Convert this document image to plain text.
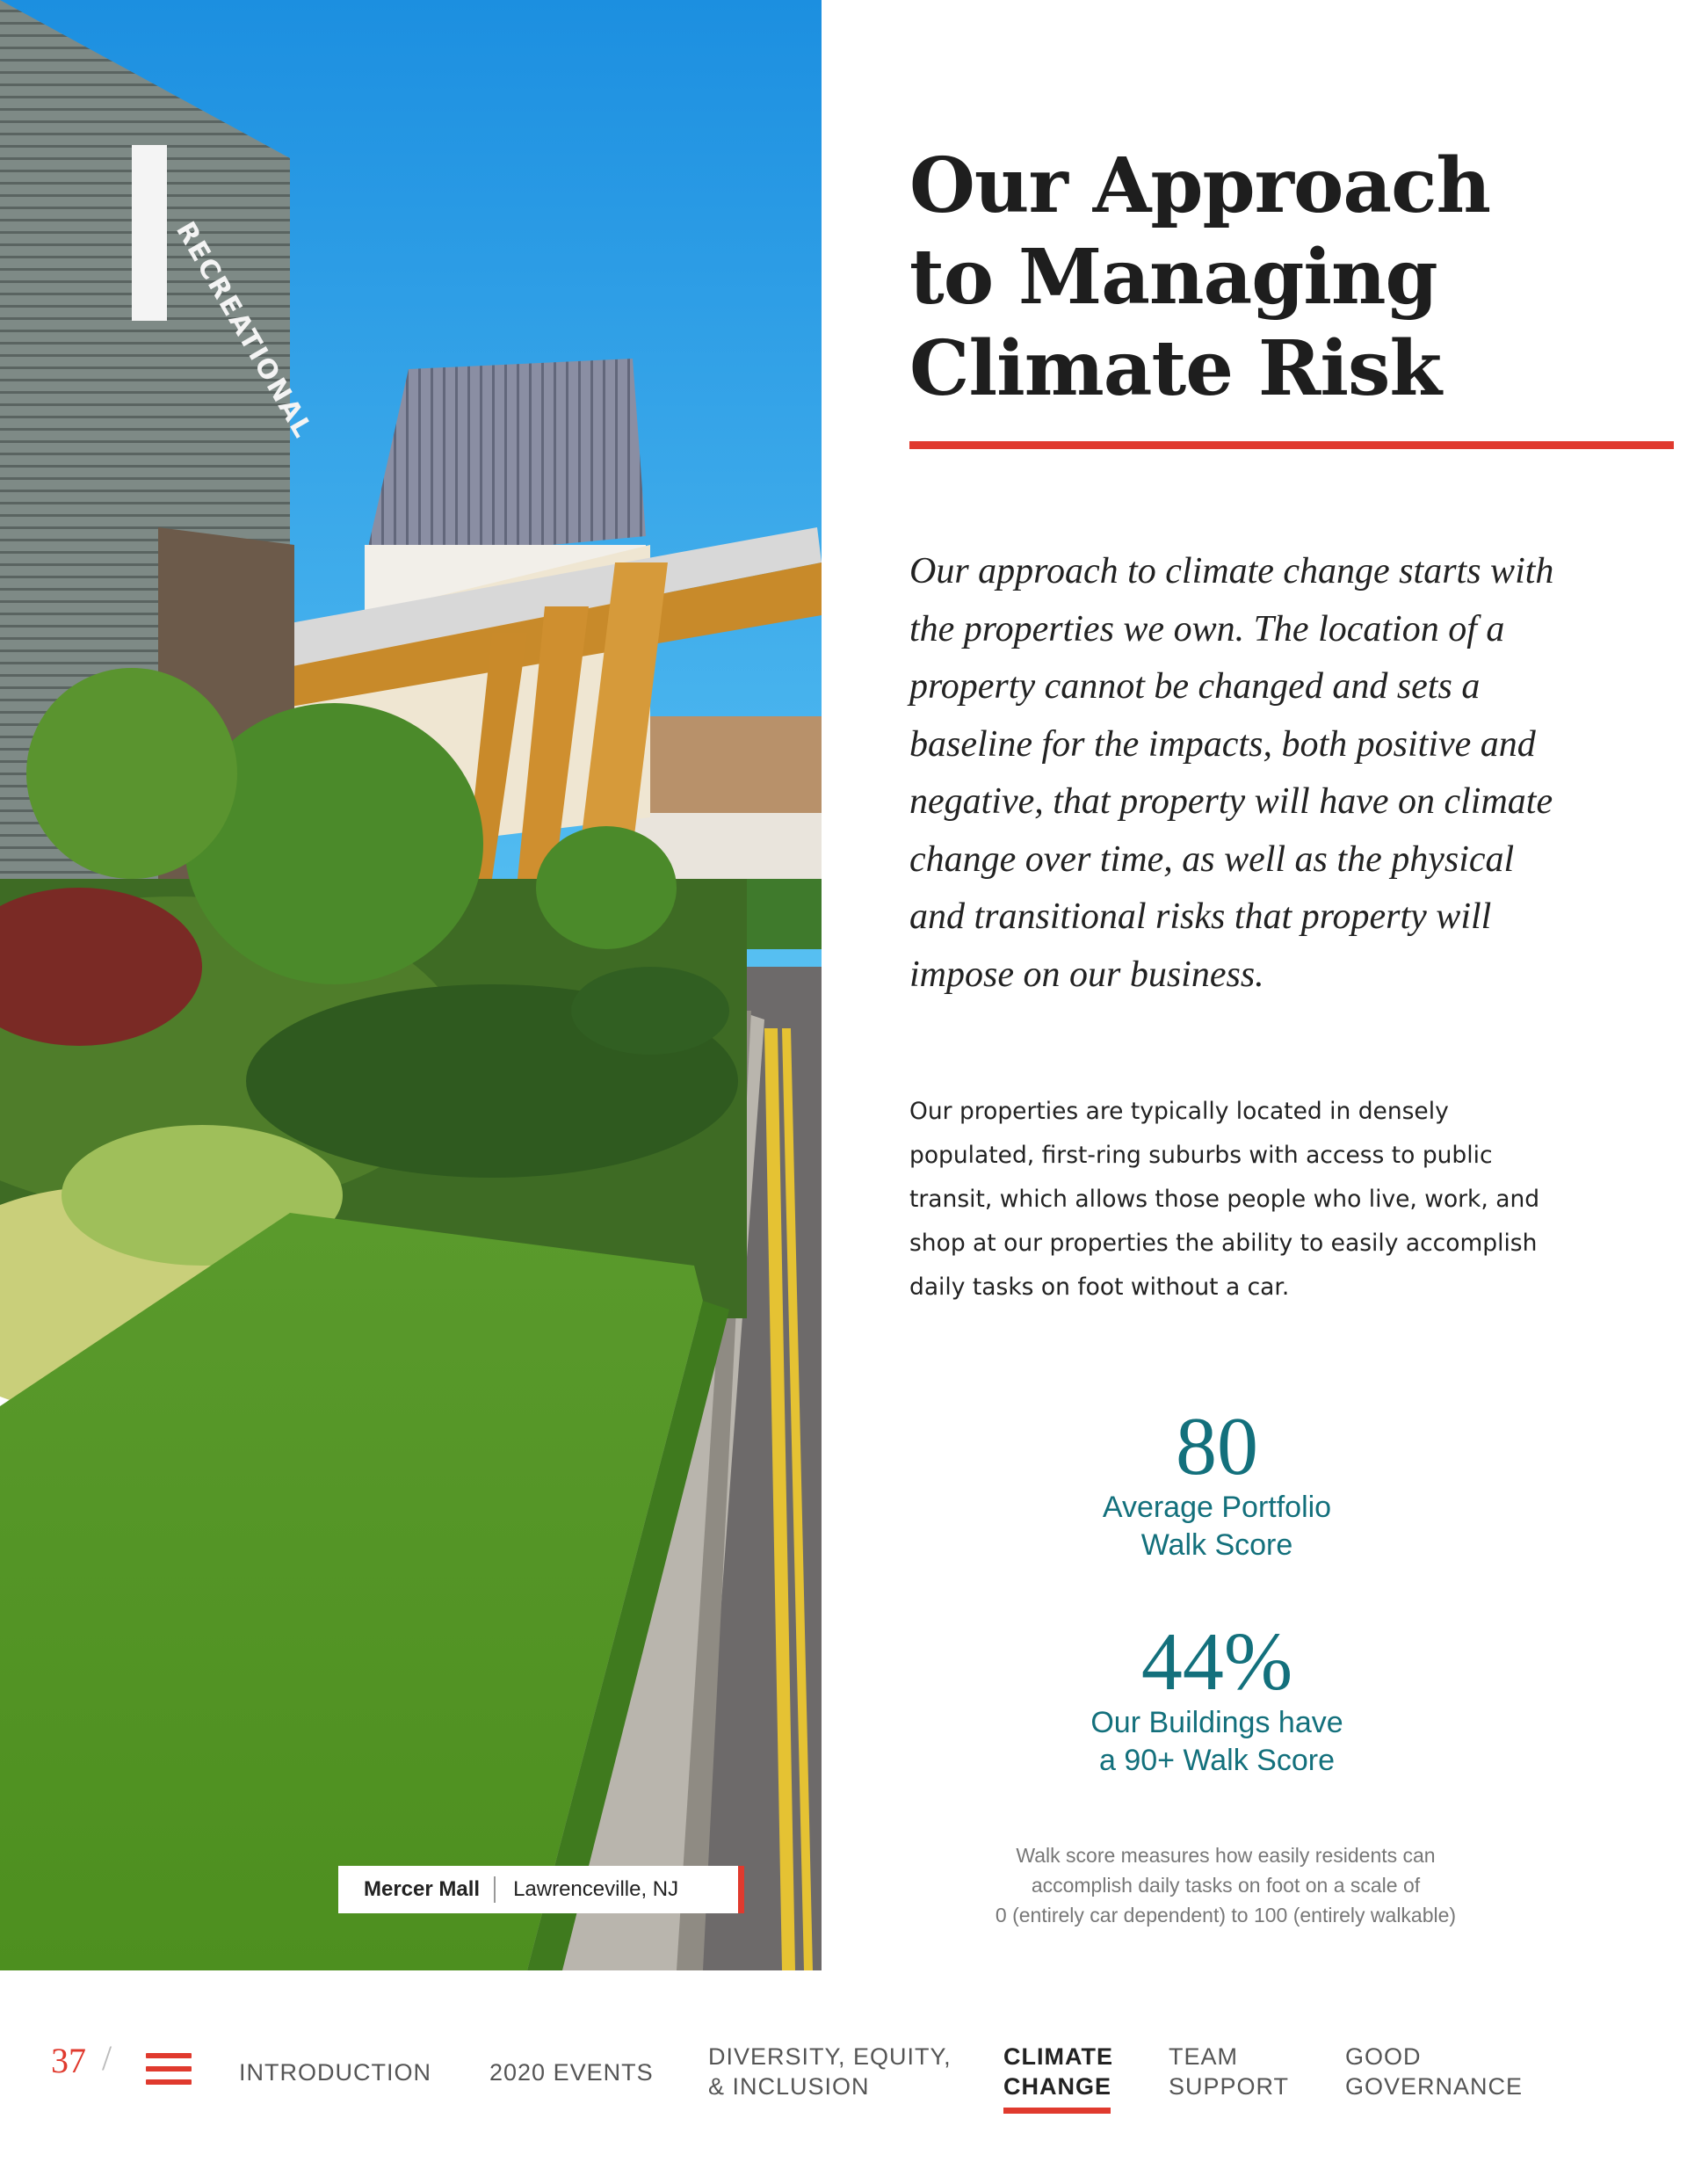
RECREATIONAL
Mercer Mall	Lawrenceville, NJ
Our Approach
to Managing
Climate Risk

Our approach to climate change starts with the properties we own. The location of a property cannot be changed and sets a baseline for the impacts, both positive and negative, that property will have on climate change over time, as well as the physical and transitional risks that property will impose on our business.

Our properties are typically located in densely populated, first-ring suburbs with access to public transit, which allows those people who live, work, and shop at our properties the ability to easily accomplish daily tasks on foot without a car.

80
Average Portfolio
Walk Score
44%
Our Buildings have
a 90+ Walk Score

Walk score measures how easily residents can
accomplish daily tasks on foot on a scale of
0 (entirely car dependent) to 100 (entirely walkable)

37 /	INTRODUCTION 2020 EVENTS
DIVERSITY, EQUITY,
& INCLUSION
CLIMATE
CHANGE
TEAM
SUPPORT
GOOD
GOVERNANCE
